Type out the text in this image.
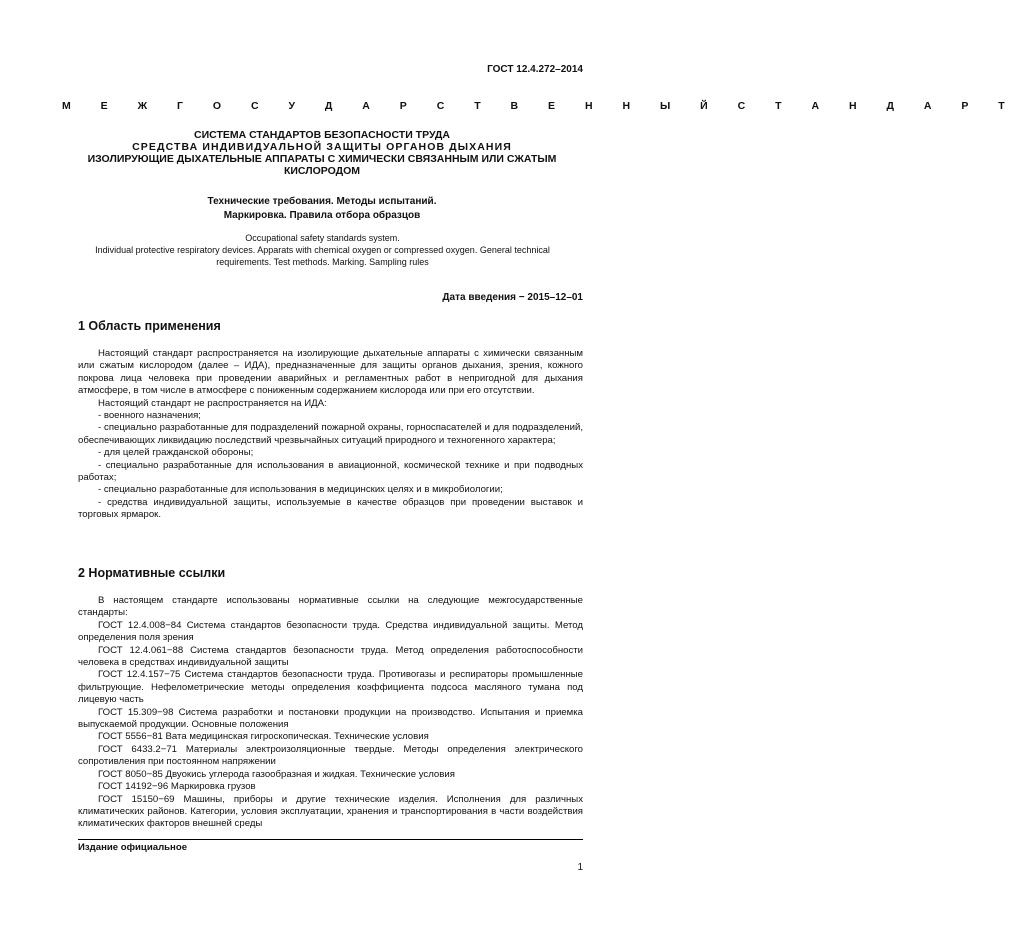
ГОСТ 12.4.272–2014
М Е Ж Г О С У Д А Р С Т В Е Н Н Ы Й С Т А Н Д А Р Т
СИСТЕМА СТАНДАРТОВ БЕЗОПАСНОСТИ ТРУДА
СРЕДСТВА ИНДИВИДУАЛЬНОЙ ЗАЩИТЫ ОРГАНОВ ДЫХАНИЯ
ИЗОЛИРУЮЩИЕ ДЫХАТЕЛЬНЫЕ АППАРАТЫ С ХИМИЧЕСКИ СВЯЗАННЫМ ИЛИ СЖАТЫМ
КИСЛОРОДОМ
Технические требования. Методы испытаний.
Маркировка. Правила отбора образцов
Occupational safety standards system.
Individual protective respiratory devices. Apparats with chemical oxygen or compressed oxygen. General technical
requirements. Test methods. Marking. Sampling rules
Дата введения − 2015–12–01
1 Область применения

Настоящий стандарт распространяется на изолирующие дыхательные аппараты с химически связанным или сжатым кислородом (далее – ИДА), предназначенные для защиты органов дыхания, зрения, кожного покрова лица человека при проведении аварийных и регламентных работ в непригодной для дыхания атмосфере, в том числе в атмосфере с пониженным содержанием кислорода или при его отсутствии.

Настоящий стандарт не распространяется на ИДА:

- военного назначения;

- специально разработанные для подразделений пожарной охраны, горноспасателей и для подразделений, обеспечивающих ликвидацию последствий чрезвычайных ситуаций природного и техногенного характера;

- для целей гражданской обороны;

- специально разработанные для использования в авиационной, космической технике и при подводных работах;

- специально разработанные для использования в медицинских целях и в микробиологии;

- средства индивидуальной защиты, используемые в качестве образцов при проведении выставок и торговых ярмарок.

2 Нормативные ссылки

В настоящем стандарте использованы нормативные ссылки на следующие межгосударственные стандарты:

ГОСТ 12.4.008−84 Система стандартов безопасности труда. Средства индивидуальной защиты. Метод определения поля зрения

ГОСТ 12.4.061−88 Система стандартов безопасности труда. Метод определения работоспособности человека в средствах индивидуальной защиты

ГОСТ 12.4.157−75 Система стандартов безопасности труда. Противогазы и респираторы промышленные фильтрующие. Нефелометрические методы определения коэффициента подсоса масляного тумана под лицевую часть

ГОСТ 15.309−98 Система разработки и постановки продукции на производство. Испытания и приемка выпускаемой продукции. Основные положения

ГОСТ 5556−81 Вата медицинская гигроскопическая. Технические условия

ГОСТ 6433.2−71 Материалы электроизоляционные твердые. Методы определения электрического сопротивления при постоянном напряжении

ГОСТ 8050−85 Двуокись углерода газообразная и жидкая. Технические условия

ГОСТ 14192−96 Маркировка грузов

ГОСТ 15150−69 Машины, приборы и другие технические изделия. Исполнения для различных климатических районов. Категории, условия эксплуатации, хранения и транспортирования в части воздействия климатических факторов внешней среды

Издание официальное
1
